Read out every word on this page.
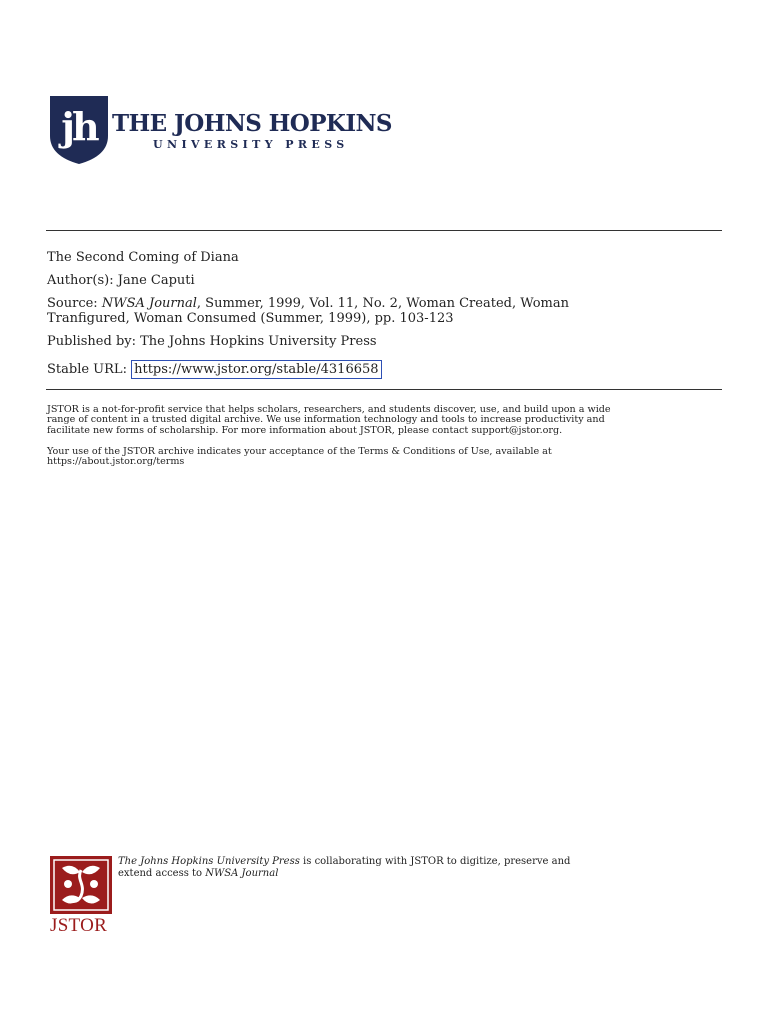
jh THE JOHNS HOPKINS
UNIVERSITY PRESS
The Second Coming of Diana
Author(s): Jane Caputi
Source: NWSA Journal, Summer, 1999, Vol. 11, No. 2, Woman Created, Woman
Tranfigured, Woman Consumed (Summer, 1999), pp. 103-123
Published by: The Johns Hopkins University Press
Stable URL: https://www.jstor.org/stable/4316658
JSTOR is a not-for-profit service that helps scholars, researchers, and students discover, use, and build upon a wide
range of content in a trusted digital archive. We use information technology and tools to increase productivity and
facilitate new forms of scholarship. For more information about JSTOR, please contact support@jstor.org.
Your use of the JSTOR archive indicates your acceptance of the Terms & Conditions of Use, available at
https://about.jstor.org/terms
JSTOR
The Johns Hopkins University Press is collaborating with JSTOR to digitize, preserve and
extend access to NWSA Journal
